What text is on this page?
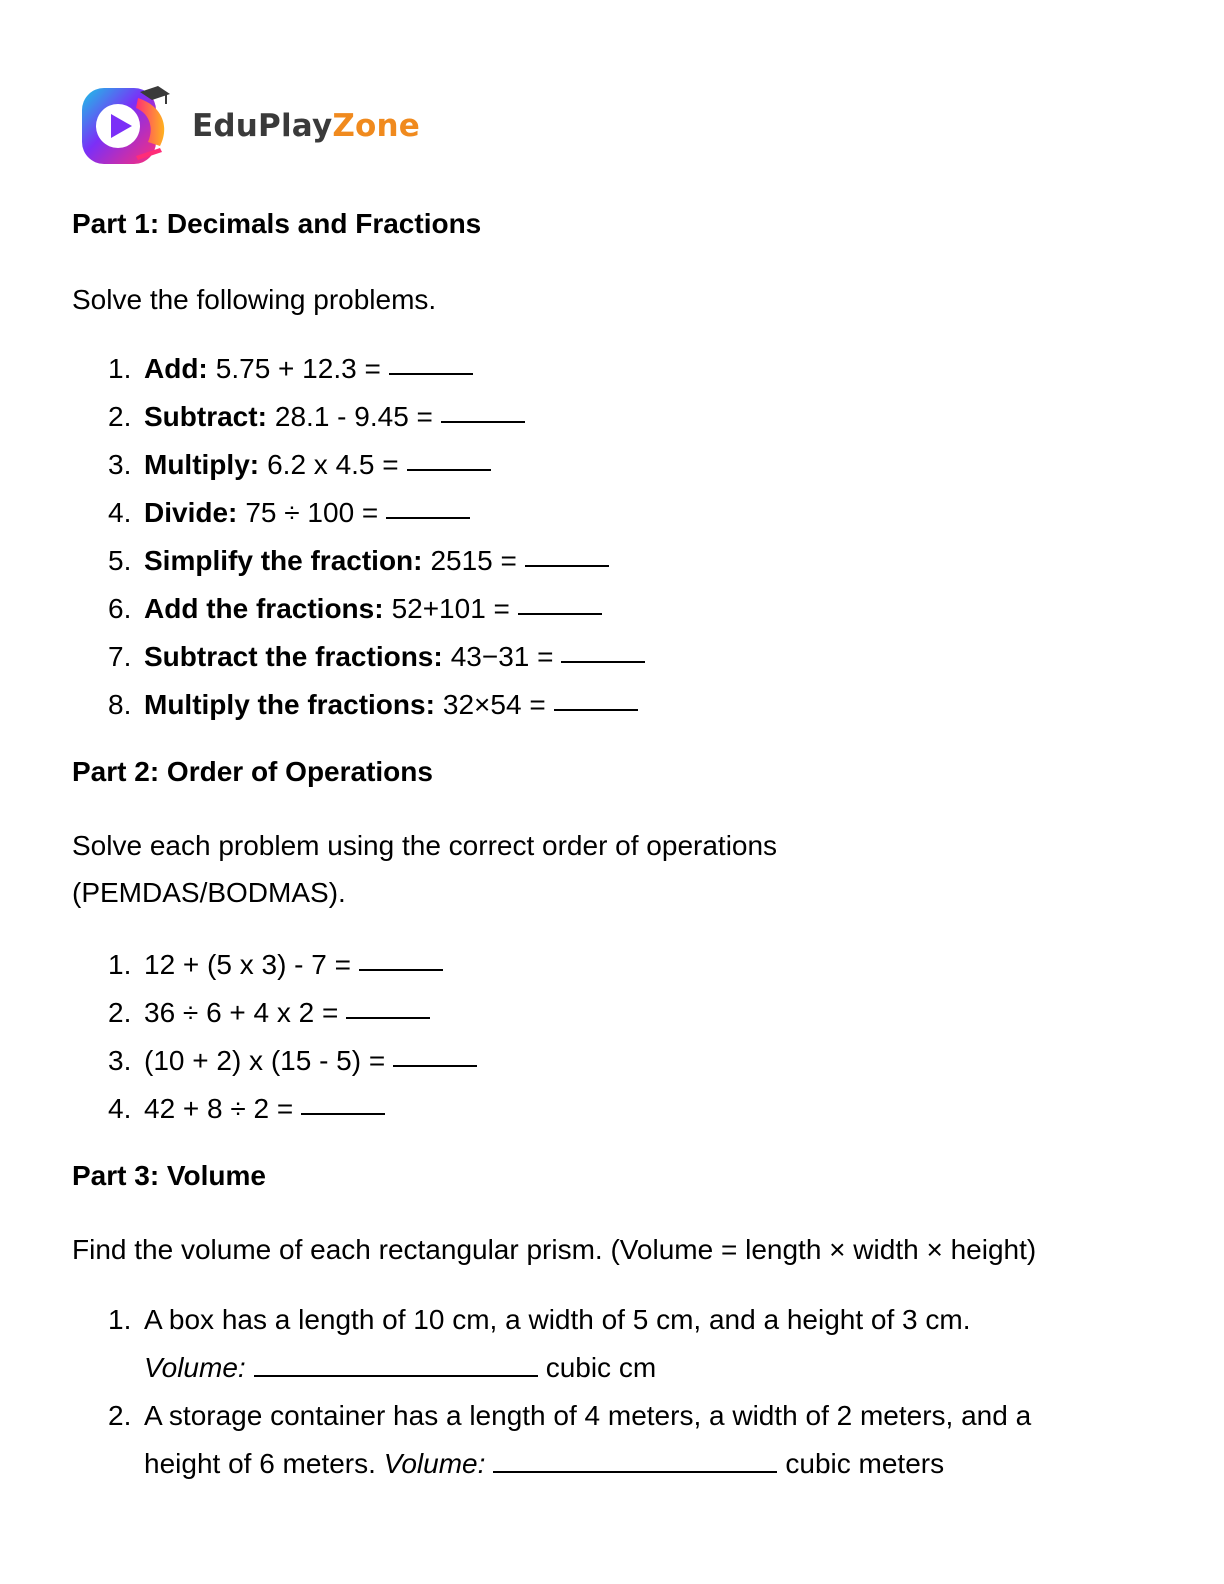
EduPlayZone
Part 1: Decimals and Fractions
Solve the following problems.
1. Add: 5.75 + 12.3 =
2. Subtract: 28.1 - 9.45 =
3. Multiply: 6.2 x 4.5 =
4. Divide: 75 ÷ 100 =
5. Simplify the fraction: 2515 =
6. Add the fractions: 52+101 =
7. Subtract the fractions: 43−31 =
8. Multiply the fractions: 32×54 =
Part 2: Order of Operations
Solve each problem using the correct order of operations
(PEMDAS/BODMAS).
1. 12 + (5 x 3) - 7 =
2. 36 ÷ 6 + 4 x 2 =
3. (10 + 2) x (15 - 5) =
4. 42 + 8 ÷ 2 =
Part 3: Volume
Find the volume of each rectangular prism. (Volume = length × width × height)
1. A box has a length of 10 cm, a width of 5 cm, and a height of 3 cm.
Volume:	cubic cm
2. A storage container has a length of 4 meters, a width of 2 meters, and a
height of 6 meters. Volume:	cubic meters
